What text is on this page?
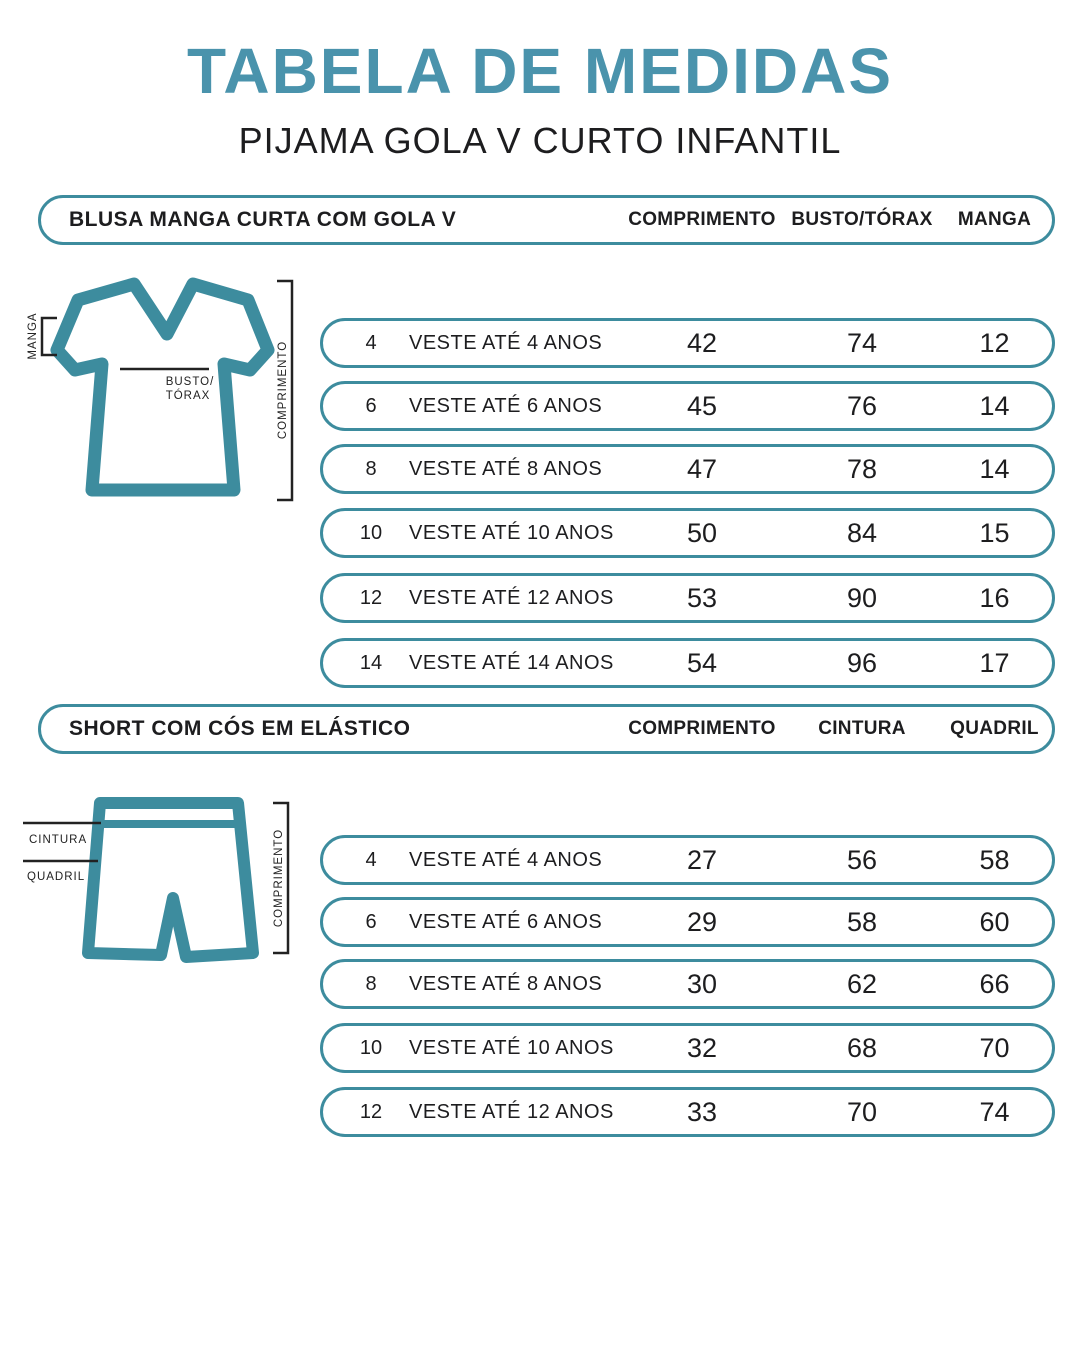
TABELA DE MEDIDAS
PIJAMA GOLA V CURTO INFANTIL
BLUSA MANGA CURTA COM GOLA V	COMPRIMENTO BUSTO/TÓRAX	MANGA
MANGA
BUSTO/
TÓRAX	COMPRIMENTO	4	VESTE ATÉ 4 ANOS	42	74	12
6	VESTE ATÉ 6 ANOS	45	76	14
8	VESTE ATÉ 8 ANOS	47	78	14
10	VESTE ATÉ 10 ANOS	50	84	15
12	VESTE ATÉ 12 ANOS	53	90	16
14	VESTE ATÉ 14 ANOS	54	96	17
SHORT COM CÓS EM ELÁSTICO	COMPRIMENTO	CINTURA	QUADRIL
CINTURA
QUADRIL	COMPRIMENTO	4	VESTE ATÉ 4 ANOS	27	56	58
6	VESTE ATÉ 6 ANOS	29	58	60
8	VESTE ATÉ 8 ANOS	30	62	66
10	VESTE ATÉ 10 ANOS	32	68	70
12	VESTE ATÉ 12 ANOS	33	70	74
